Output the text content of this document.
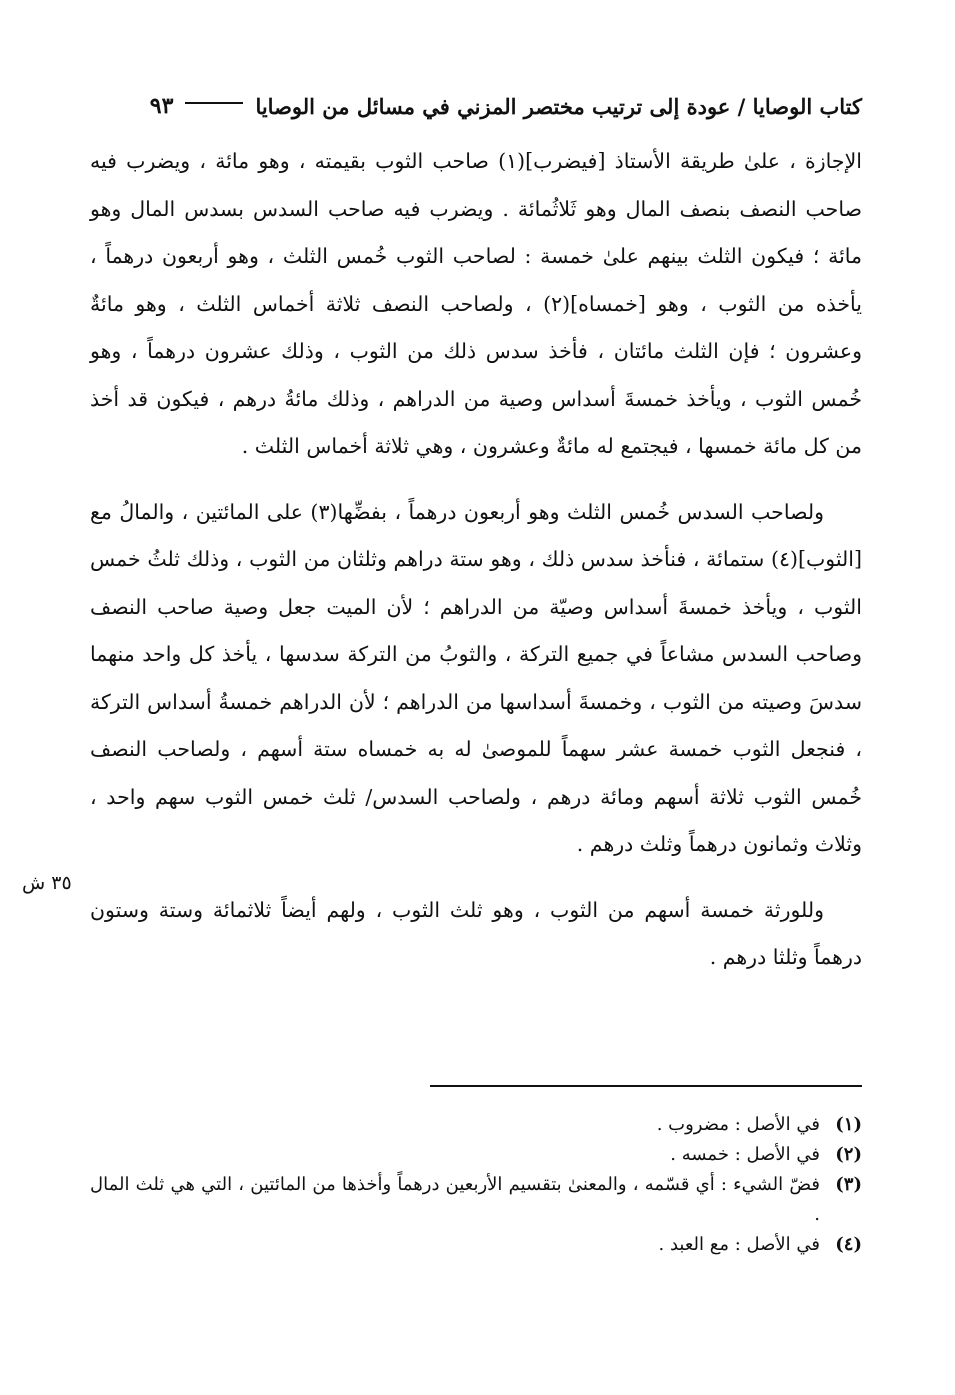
كتاب الوصايا / عودة إلى ترتيب مختصر المزني في مسائل من الوصايا
٩٣

الإجازة ، علىٰ طريقة الأستاذ [فيضرب](١) صاحب الثوب بقيمته ، وهو مائة ، ويضرب فيه صاحب النصف بنصف المال وهو ثَلاثُمائة . ويضرب فيه صاحب السدس بسدس المال وهو مائة ؛ فيكون الثلث بينهم علىٰ خمسة : لصاحب الثوب خُمس الثلث ، وهو أربعون درهماً ، يأخذه من الثوب ، وهو [خمساه](٢) ، ولصاحب النصف ثلاثة أخماس الثلث ، وهو مائةٌ وعشرون ؛ فإن الثلث مائتان ، فأخذ سدس ذلك من الثوب ، وذلك عشرون درهماً ، وهو خُمس الثوب ، ويأخذ خمسةَ أسداس وصية من الدراهم ، وذلك مائةُ درهم ، فيكون قد أخذ من كل مائة خمسها ، فيجتمع له مائةٌ وعشرون ، وهي ثلاثة أخماس الثلث .

ولصاحب السدس خُمس الثلث وهو أربعون درهماً ، بفضِّها(٣) على المائتين ، والمالُ مع [الثوب](٤) ستمائة ، فنأخذ سدس ذلك ، وهو ستة دراهم وثلثان من الثوب ، وذلك ثلثُ خمس الثوب ، ويأخذ خمسةَ أسداس وصيّة من الدراهم ؛ لأن الميت جعل وصية صاحب النصف وصاحب السدس مشاعاً في جميع التركة ، والثوبُ من التركة سدسها ، يأخذ كل واحد منهما سدسَ وصيته من الثوب ، وخمسةَ أسداسها من الدراهم ؛ لأن الدراهم خمسةُ أسداس التركة ، فنجعل الثوب خمسة عشر سهماً للموصىٰ له به خمساه ستة أسهم ، ولصاحب النصف خُمس الثوب ثلاثة أسهم ومائة درهم ، ولصاحب السدس/ ثلث خمس الثوب سهم واحد ، وثلاث وثمانون درهماً وثلث درهم .

وللورثة خمسة أسهم من الثوب ، وهو ثلث الثوب ، ولهم أيضاً ثلاثمائة وستة وستون درهماً وثلثا درهم .

٣٥ ش
(١)
في الأصل : مضروب .
(٢)
في الأصل : خمسه .
(٣)
فضّ الشيء : أي قسّمه ، والمعنىٰ بتقسيم الأربعين درهماً وأخذها من المائتين ، التي هي ثلث المال .
(٤)
في الأصل : مع العبد .
